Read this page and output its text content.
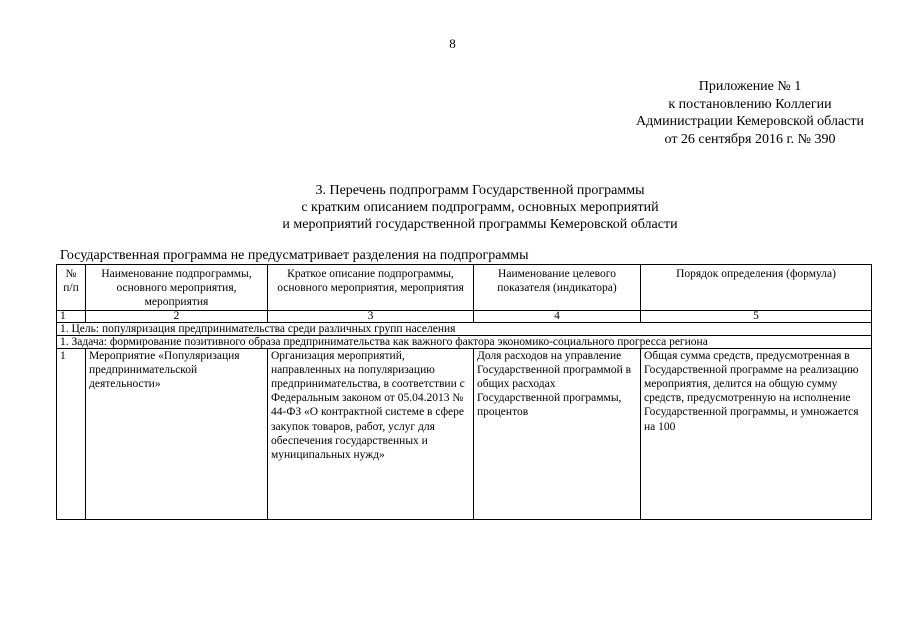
8
Приложение № 1
к постановлению Коллегии
Администрации Кемеровской области
от 26 сентября 2016 г. № 390
3. Перечень подпрограмм Государственной программы
с кратким описанием подпрограмм, основных мероприятий
и мероприятий государственной программы Кемеровской области
Государственная программа не предусматривает разделения на подпрограммы
№ п/п	Наименование подпрограммы, основного мероприятия, мероприятия	Краткое описание подпрограммы, основного мероприятия, мероприятия	Наименование целевого показателя (индикатора)	Порядок определения (формула)
1	2	3	4	5
1. Цель: популяризация предпринимательства среди различных групп населения				
1. Задача: формирование позитивного образа предпринимательства как важного фактора экономико-социального прогресса региона				
1	Мероприятие «Популяризация предпринимательской деятельности»	Организация мероприятий, направленных на популяризацию предпринимательства, в соответствии с Федеральным законом от 05.04.2013 № 44-ФЗ «О контрактной системе в сфере закупок товаров, работ, услуг для обеспечения государственных и муниципальных нужд»	Доля расходов на управление Государственной программой в общих расходах Государственной программы, процентов	Общая сумма средств, предусмотренная в Государственной программе на реализацию мероприятия, делится на общую сумму средств, предусмотренную на исполнение Государственной программы, и умножается на 100
